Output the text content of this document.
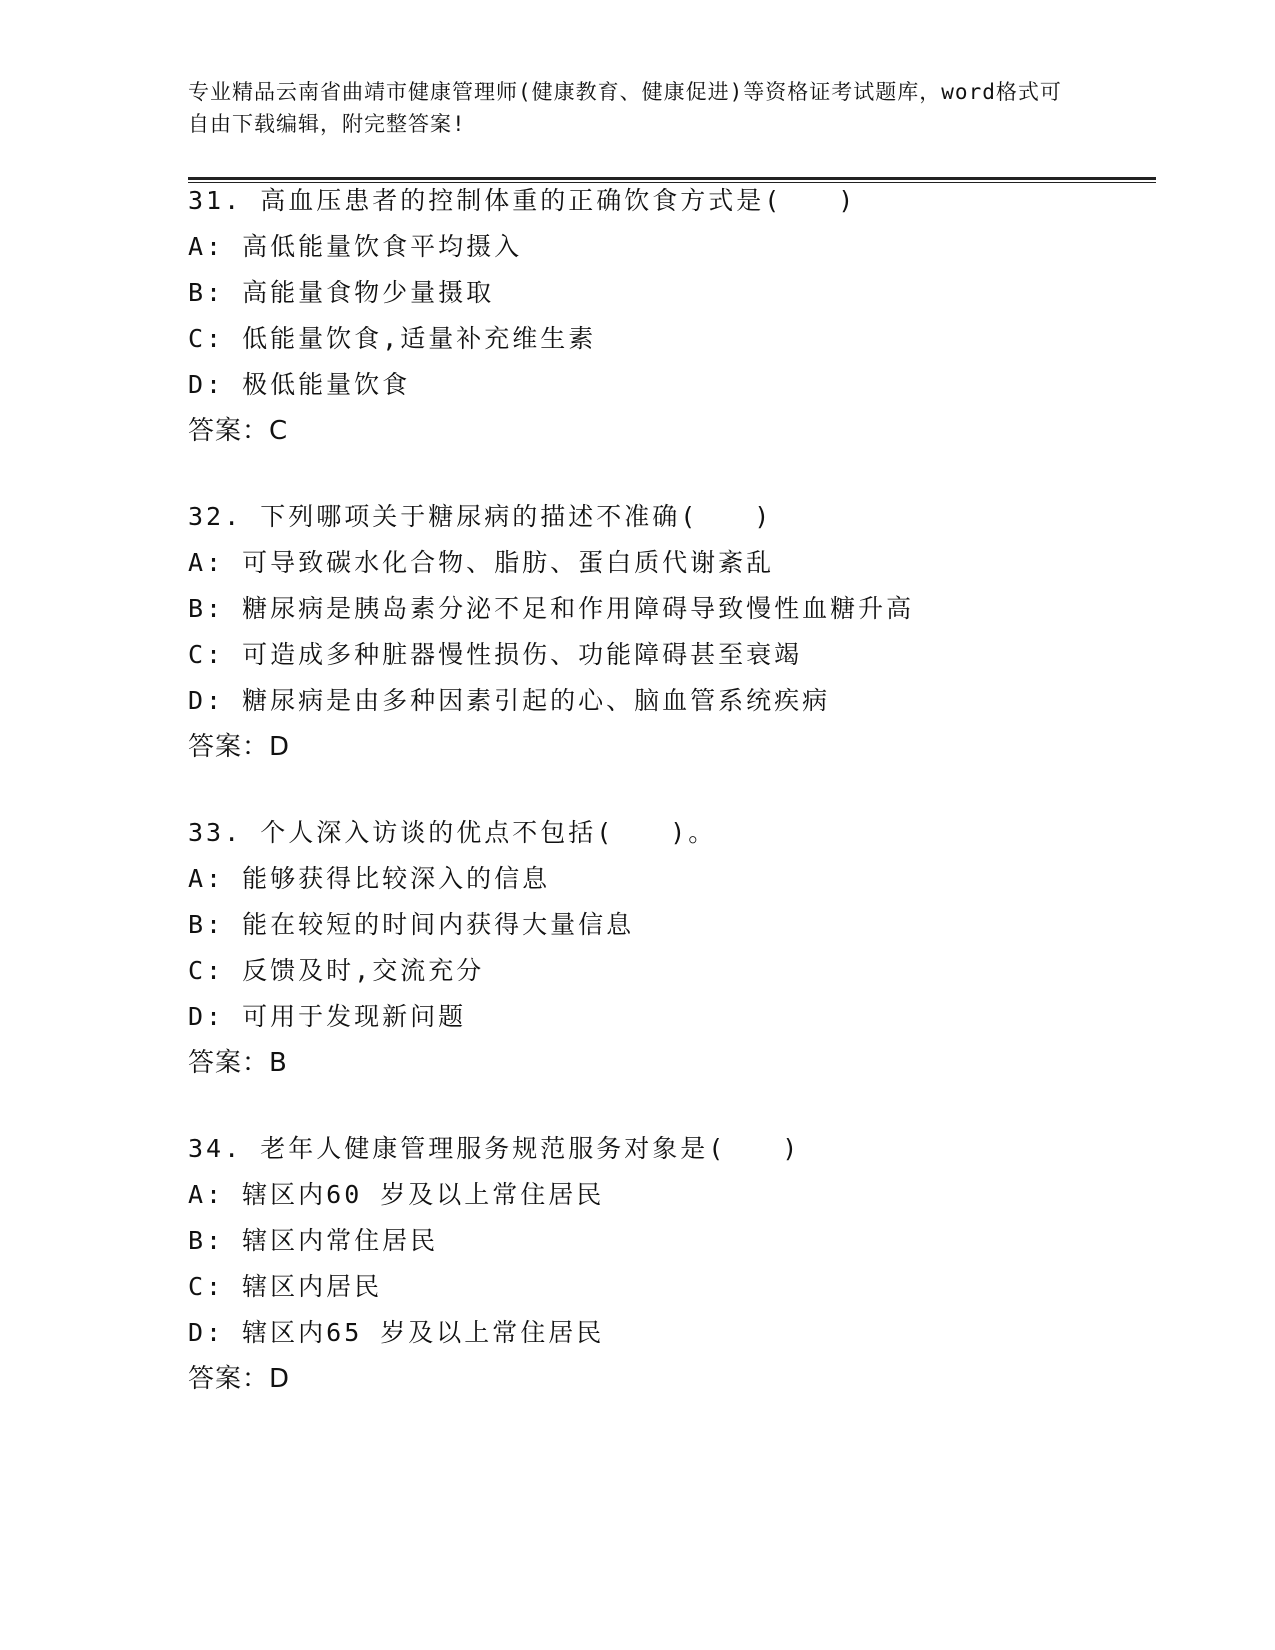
专业精品云南省曲靖市健康管理师(健康教育、健康促进)等资格证考试题库，word格式可自由下载编辑，附完整答案!
31. 高血压患者的控制体重的正确饮食方式是(　　)
A: 高低能量饮食平均摄入
B: 高能量食物少量摄取
C: 低能量饮食,适量补充维生素
D: 极低能量饮食
答案：C
32. 下列哪项关于糖尿病的描述不准确(　　)
A: 可导致碳水化合物、脂肪、蛋白质代谢紊乱
B: 糖尿病是胰岛素分泌不足和作用障碍导致慢性血糖升高
C: 可造成多种脏器慢性损伤、功能障碍甚至衰竭
D: 糖尿病是由多种因素引起的心、脑血管系统疾病
答案：D
33. 个人深入访谈的优点不包括(　　)。
A: 能够获得比较深入的信息
B: 能在较短的时间内获得大量信息
C: 反馈及时,交流充分
D: 可用于发现新问题
答案：B
34. 老年人健康管理服务规范服务对象是(　　)
A: 辖区内60 岁及以上常住居民
B: 辖区内常住居民
C: 辖区内居民
D: 辖区内65 岁及以上常住居民
答案：D
